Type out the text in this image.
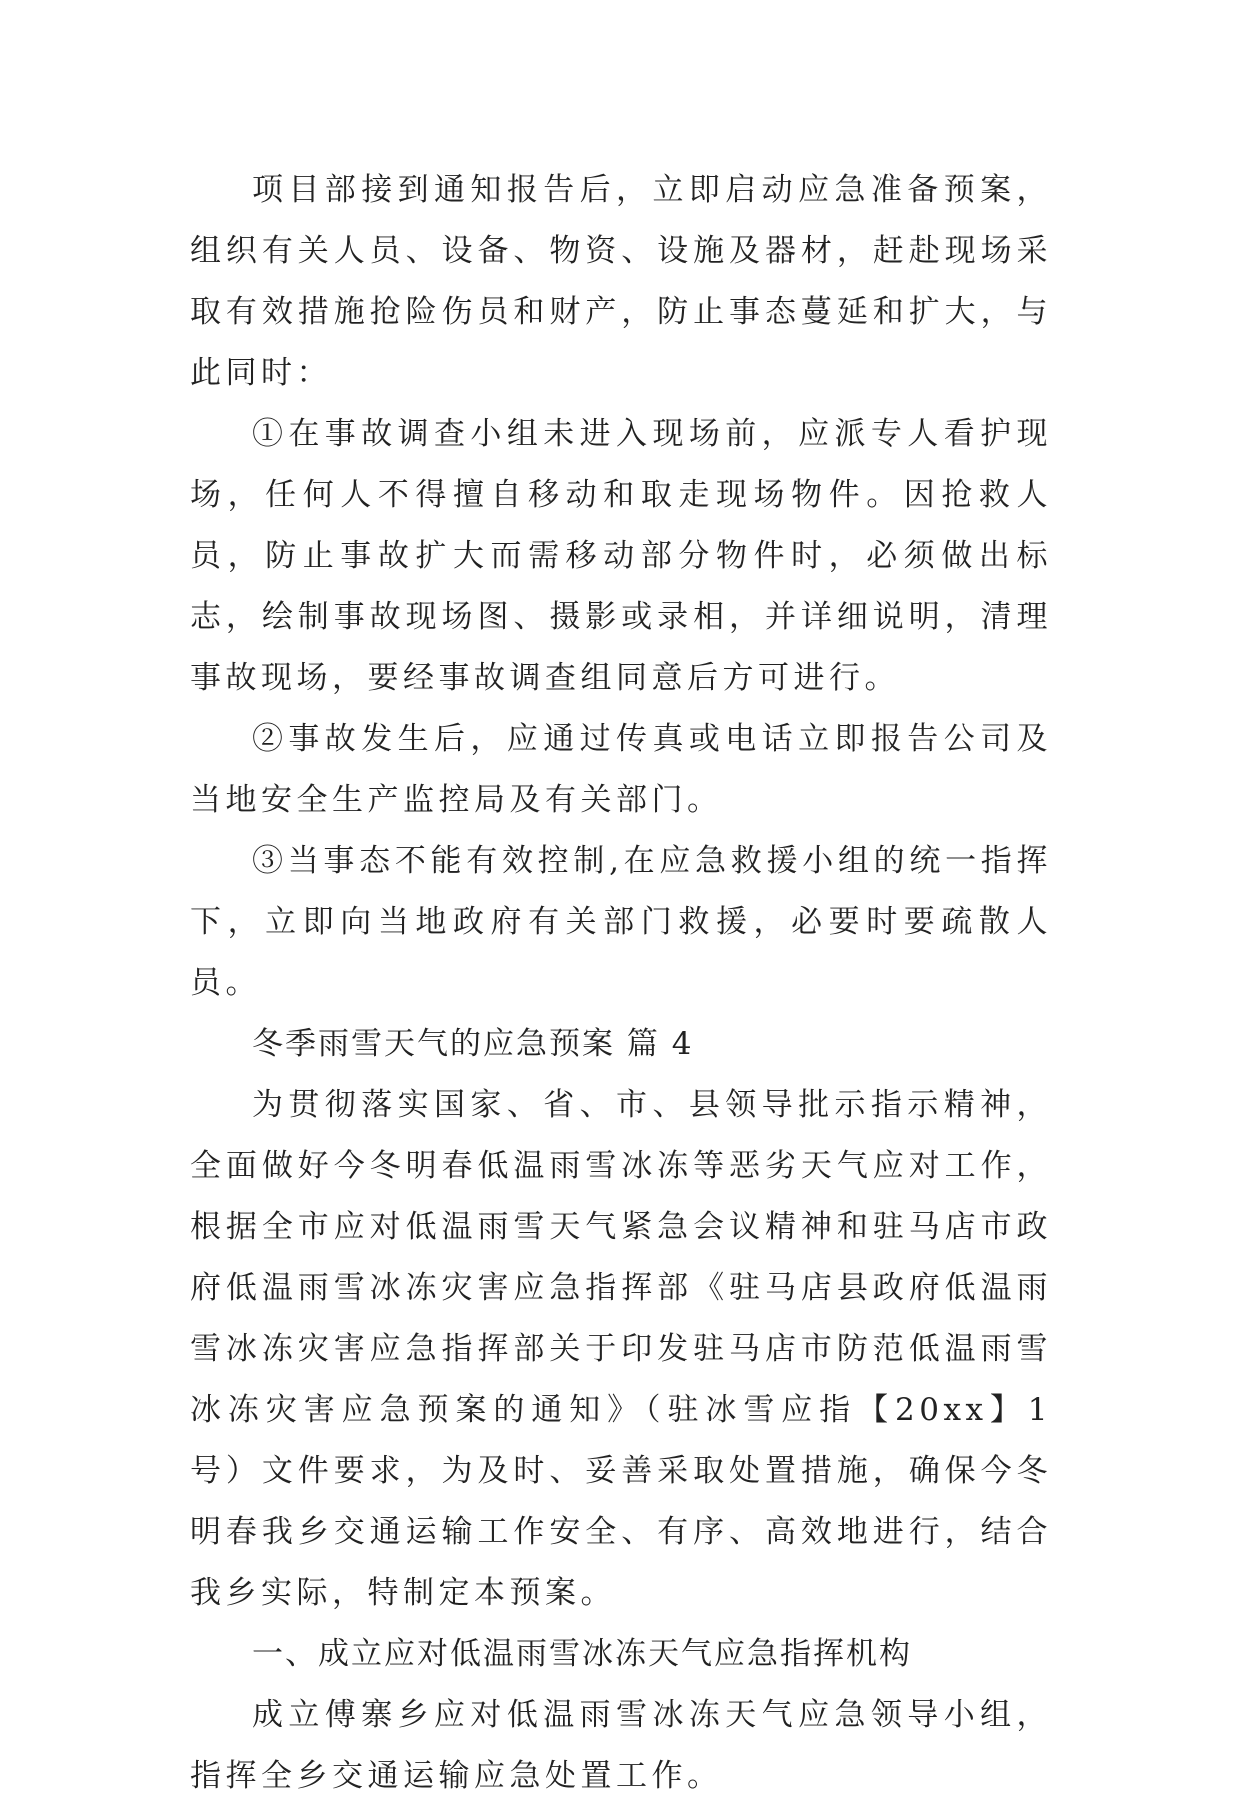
项目部接到通知报告后，立即启动应急准备预案，组织有关人员、设备、物资、设施及器材，赶赴现场采取有效措施抢险伤员和财产，防止事态蔓延和扩大，与此同时：

①在事故调查小组未进入现场前，应派专人看护现场，任何人不得擅自移动和取走现场物件。因抢救人员，防止事故扩大而需移动部分物件时，必须做出标志，绘制事故现场图、摄影或录相，并详细说明，清理事故现场，要经事故调查组同意后方可进行。

②事故发生后，应通过传真或电话立即报告公司及当地安全生产监控局及有关部门。

③当事态不能有效控制,在应急救援小组的统一指挥下，立即向当地政府有关部门救援，必要时要疏散人员。

冬季雨雪天气的应急预案 篇 4

为贯彻落实国家、省、市、县领导批示指示精神，全面做好今冬明春低温雨雪冰冻等恶劣天气应对工作，根据全市应对低温雨雪天气紧急会议精神和驻马店市政府低温雨雪冰冻灾害应急指挥部《驻马店县政府低温雨雪冰冻灾害应急指挥部关于印发驻马店市防范低温雨雪冰冻灾害应急预案的通知》（驻冰雪应指【20xx】1 号）文件要求，为及时、妥善采取处置措施，确保今冬明春我乡交通运输工作安全、有序、高效地进行，结合我乡实际，特制定本预案。

一、成立应对低温雨雪冰冻天气应急指挥机构

成立傅寨乡应对低温雨雪冰冻天气应急领导小组，指挥全乡交通运输应急处置工作。
